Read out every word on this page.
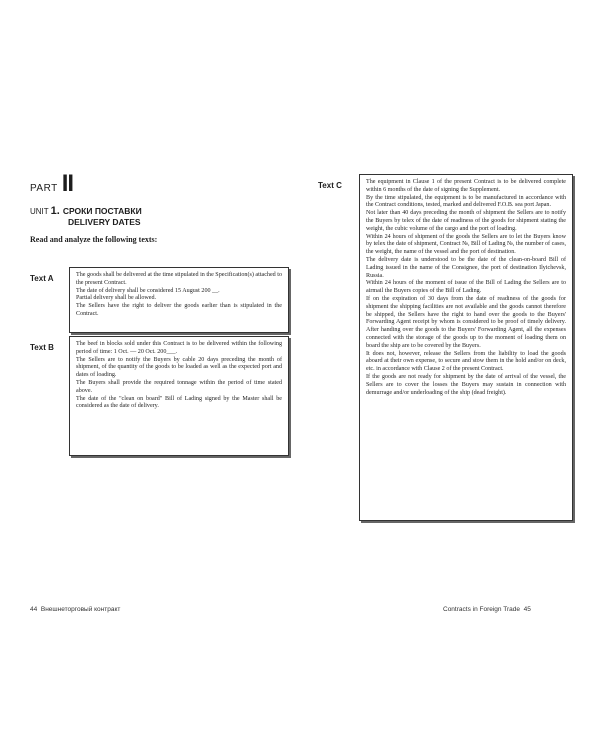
PART II
UNIT 1. СРОКИ ПОСТАВКИ
DELIVERY DATES
Read and analyze the following texts:
Text A	The goods shall be delivered at the time stipulated in the Specification(s) attached to the present Contract.

The date of delivery shall be considered 15 August 200 __.

Partial delivery shall be allowed.

The Sellers have the right to deliver the goods earlier than is stipulated in the Contract.

Text B	The beef in blocks sold under this Contract is to be delivered within the following period of time: 1 Oct. — 20 Oct. 200___.

The Sellers are to notify the Buyers by cable 20 days preceding the month of shipment, of the quantity of the goods to be loaded as well as the expected port and dates of loading.

The Buyers shall provide the required tonnage within the period of time stated above.

The date of the "clean on board" Bill of Lading signed by the Master shall be considered as the date of delivery.

Text C	The equipment in Clause 1 of the present Contract is to be delivered complete within 6 months of the date of signing the Supplement.

By the time stipulated, the equipment is to be manufactured in accordance with the Contract conditions, tested, marked and delivered F.O.B. sea port Japan.

Not later than 40 days preceding the month of shipment the Sellers are to notify the Buyers by telex of the date of readiness of the goods for shipment stating the weight, the cubic volume of the cargo and the port of loading.

Within 24 hours of shipment of the goods the Sellers are to let the Buyers know by telex the date of shipment, Contract №, Bill of Lading №, the number of cases, the weight, the name of the vessel and the port of destination.

The delivery date is understood to be the date of the clean-on-board Bill of Lading issued in the name of the Consignee, the port of destination Ilyichevsk, Russia.

Within 24 hours of the moment of issue of the Bill of Lading the Sellers are to airmail the Buyers copies of the Bill of Lading.

If on the expiration of 30 days from the date of readiness of the goods for shipment the shipping facilities are not available and the goods cannot therefore be shipped, the Sellers have the right to hand over the goods to the Buyers' Forwarding Agent receipt by whom is considered to be proof of timely delivery. After handing over the goods to the Buyers' Forwarding Agent, all the expenses connected with the storage of the goods up to the moment of loading them on board the ship are to be covered by the Buyers.

It does not, however, release the Sellers from the liability to load the goods aboard at their own expense, to secure and stow them in the hold and/or on deck, etc. in accordance with Clause 2 of the present Contract.

If the goods are not ready for shipment by the date of arrival of the vessel, the Sellers are to cover the losses the Buyers may sustain in connection with demurrage and/or underloading of the ship (dead freight).

44 Внешнеторговый контракт	Contracts in Foreign Trade 45
